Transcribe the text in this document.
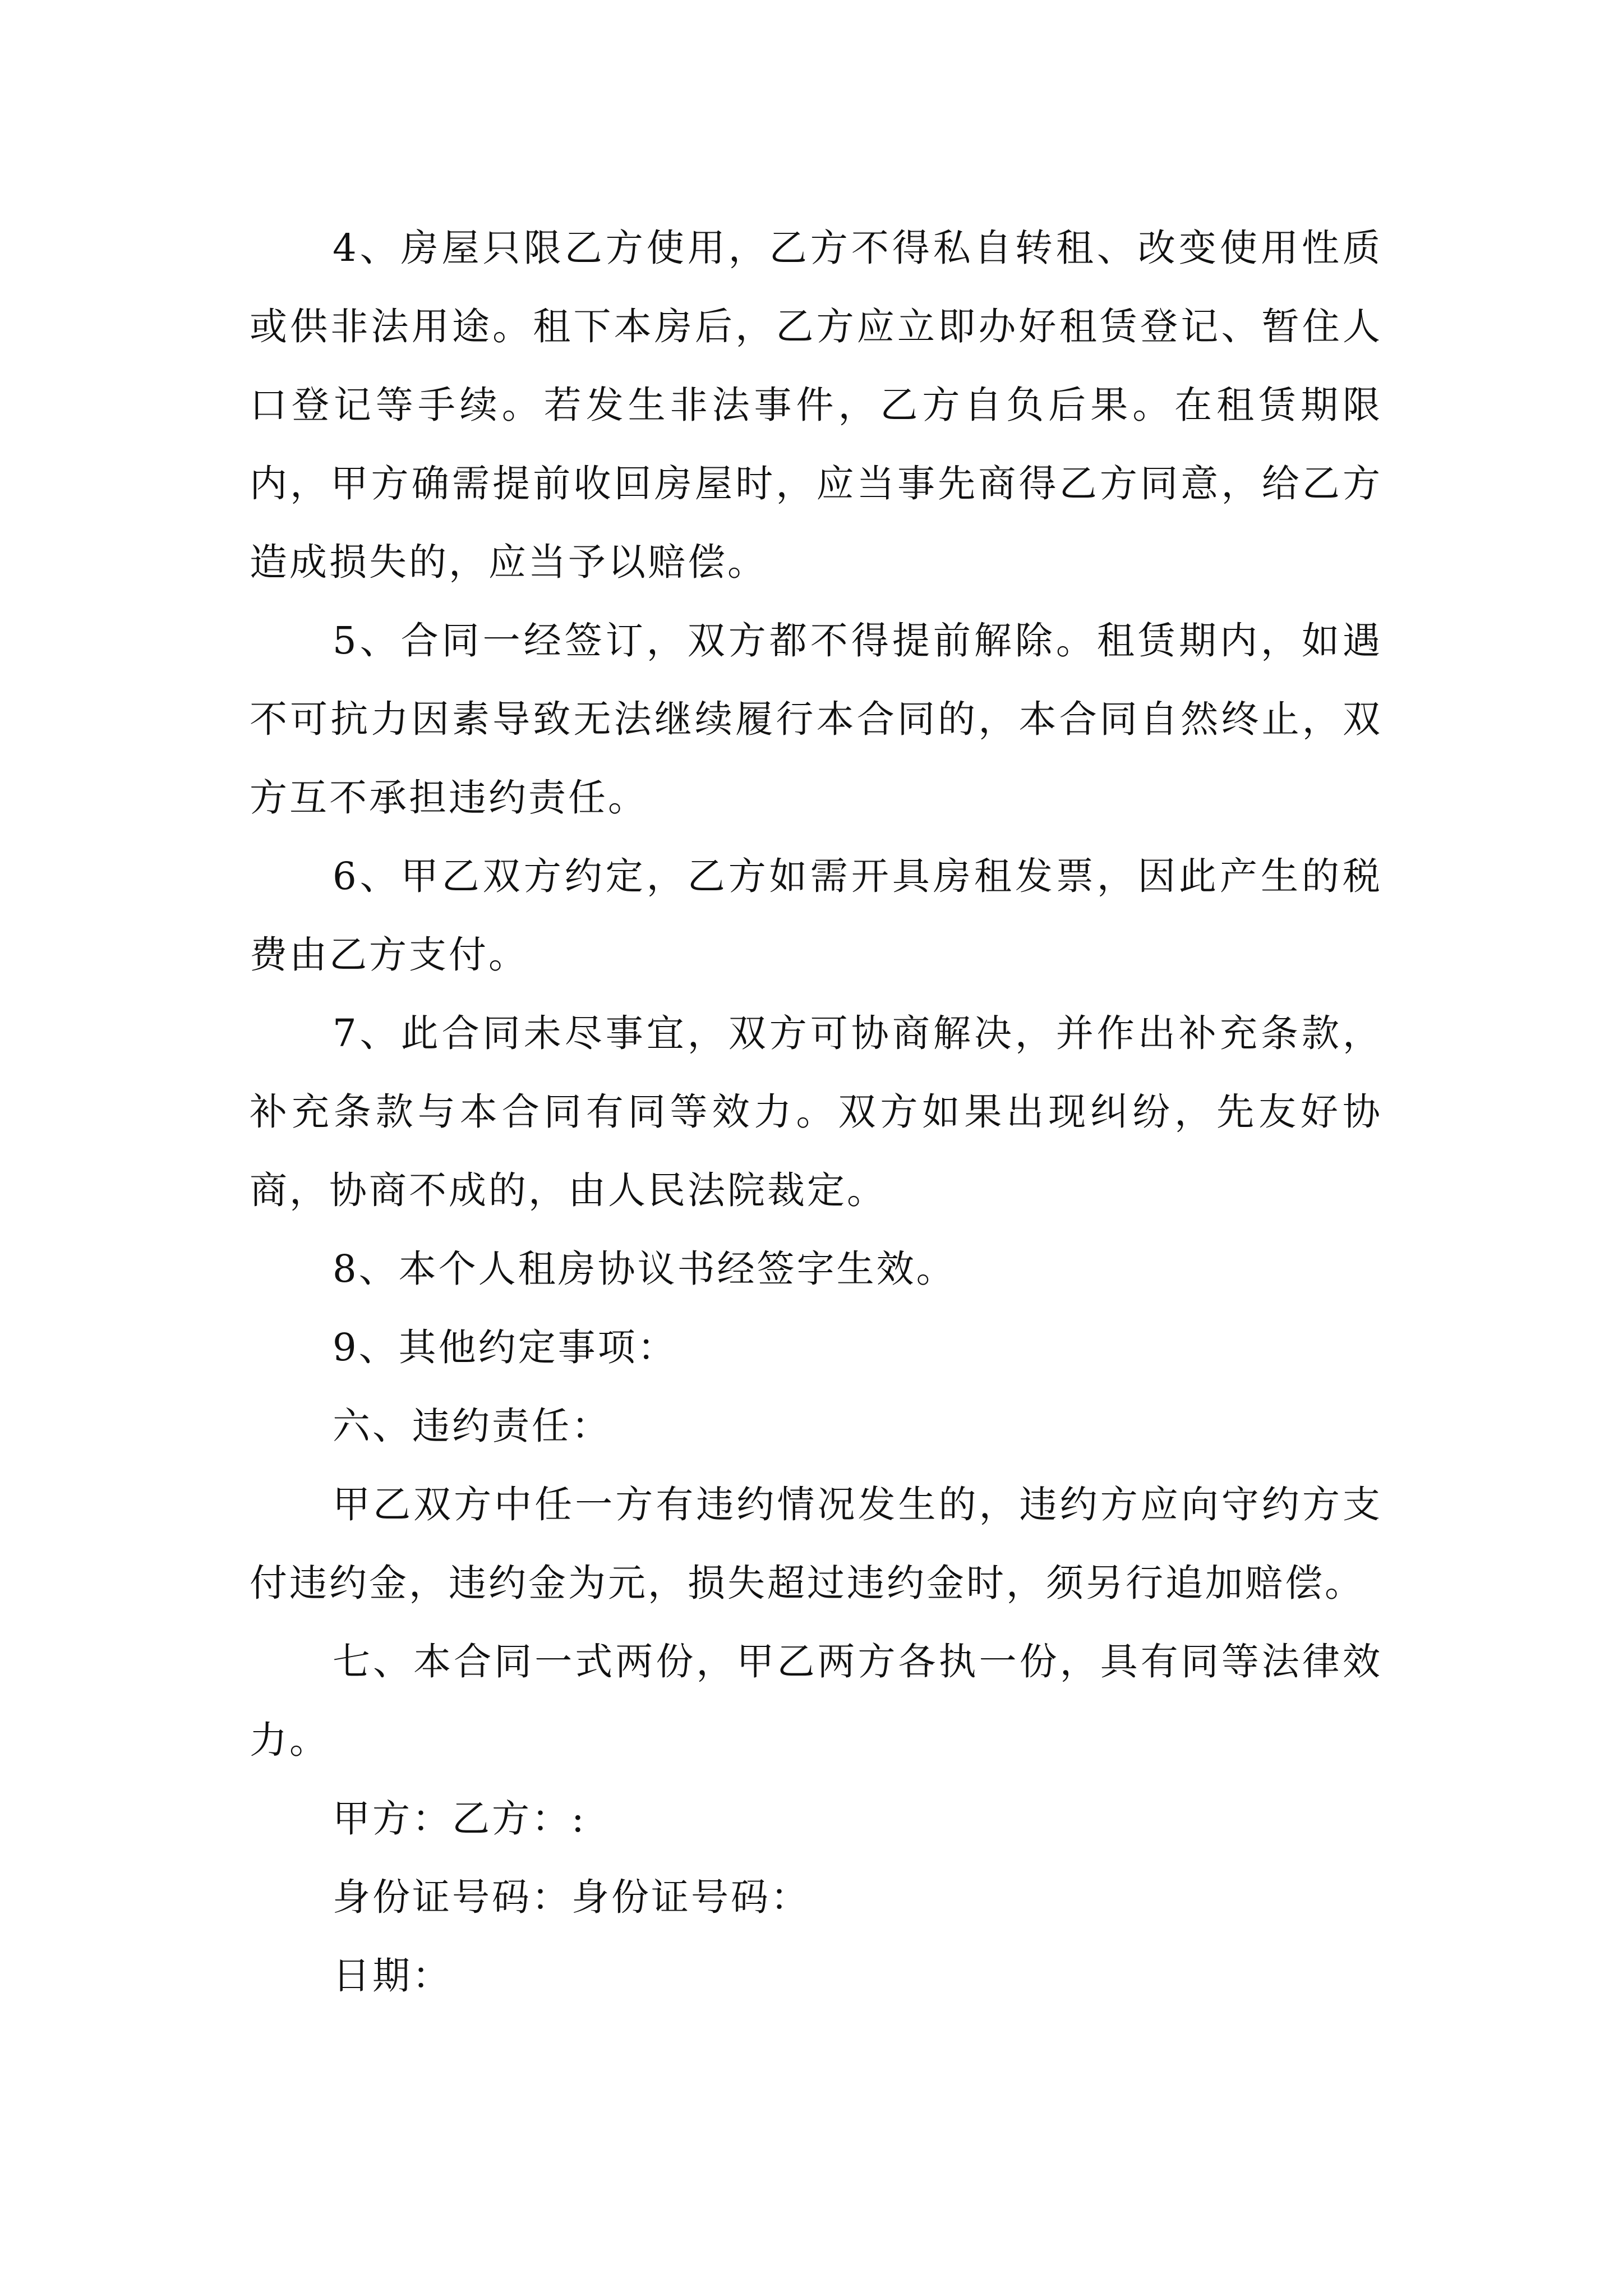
4、房屋只限乙方使用，乙方不得私自转租、改变使用性质或供非法用途。租下本房后，乙方应立即办好租赁登记、暂住人口登记等手续。若发生非法事件，乙方自负后果。在租赁期限内，甲方确需提前收回房屋时，应当事先商得乙方同意，给乙方造成损失的，应当予以赔偿。

5、合同一经签订，双方都不得提前解除。租赁期内，如遇不可抗力因素导致无法继续履行本合同的，本合同自然终止，双方互不承担违约责任。

6、甲乙双方约定，乙方如需开具房租发票，因此产生的税费由乙方支付。

7、此合同未尽事宜，双方可协商解决，并作出补充条款，补充条款与本合同有同等效力。双方如果出现纠纷，先友好协商，协商不成的，由人民法院裁定。

8、本个人租房协议书经签字生效。

9、其他约定事项：

六、违约责任：

甲乙双方中任一方有违约情况发生的，违约方应向守约方支付违约金，违约金为元，损失超过违约金时，须另行追加赔偿。

七、本合同一式两份，甲乙两方各执一份，具有同等法律效力。

甲方：乙方：:

身份证号码：身份证号码：

日期：
